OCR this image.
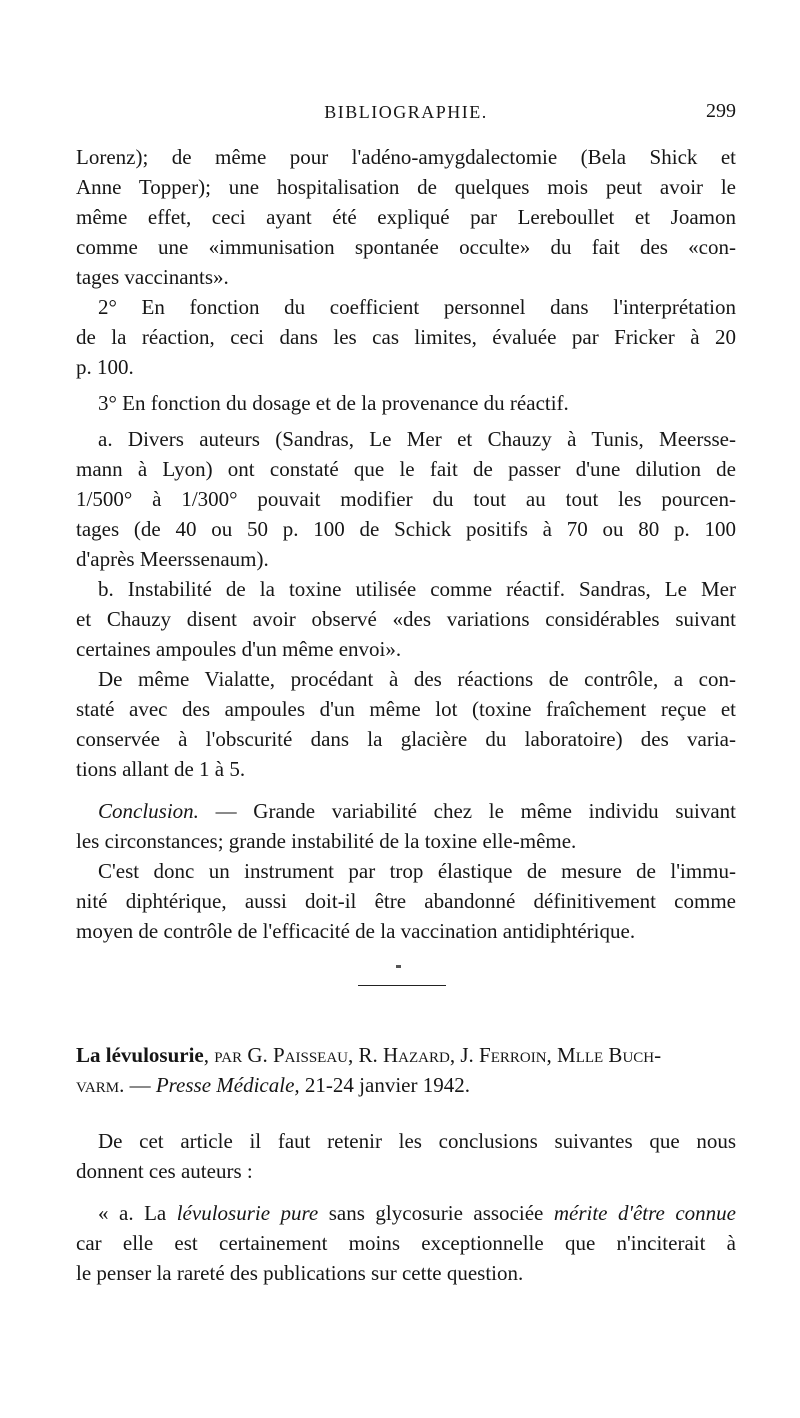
BIBLIOGRAPHIE.	299
Lorenz); de même pour l'adéno-amygdalectomie (Bela Shick et
Anne Topper); une hospitalisation de quelques mois peut avoir le
même effet, ceci ayant été expliqué par Lereboullet et Joamon
comme une «immunisation spontanée occulte» du fait des «con-
tages vaccinants».
2° En fonction du coefficient personnel dans l'interprétation
de la réaction, ceci dans les cas limites, évaluée par Fricker à 20
p. 100.
3° En fonction du dosage et de la provenance du réactif.
a. Divers auteurs (Sandras, Le Mer et Chauzy à Tunis, Meersse-
mann à Lyon) ont constaté que le fait de passer d'une dilution de
1/500° à 1/300° pouvait modifier du tout au tout les pourcen-
tages (de 40 ou 50 p. 100 de Schick positifs à 70 ou 80 p. 100
d'après Meerssenaum).
b. Instabilité de la toxine utilisée comme réactif. Sandras, Le Mer
et Chauzy disent avoir observé «des variations considérables suivant
certaines ampoules d'un même envoi».
De même Vialatte, procédant à des réactions de contrôle, a con-
staté avec des ampoules d'un même lot (toxine fraîchement reçue et
conservée à l'obscurité dans la glacière du laboratoire) des varia-
tions allant de 1 à 5.
Conclusion. — Grande variabilité chez le même individu suivant
les circonstances; grande instabilité de la toxine elle-même.
C'est donc un instrument par trop élastique de mesure de l'immu-
nité diphtérique, aussi doit-il être abandonné définitivement comme
moyen de contrôle de l'efficacité de la vaccination antidiphtérique.
La lévulosurie, par G. Paisseau, R. Hazard, J. Ferroin, Mlle Buch-
varm. — Presse Médicale, 21-24 janvier 1942.
De cet article il faut retenir les conclusions suivantes que nous
donnent ces auteurs :
« a. La lévulosurie pure sans glycosurie associée mérite d'être connue
car elle est certainement moins exceptionnelle que n'inciterait à
le penser la rareté des publications sur cette question.
